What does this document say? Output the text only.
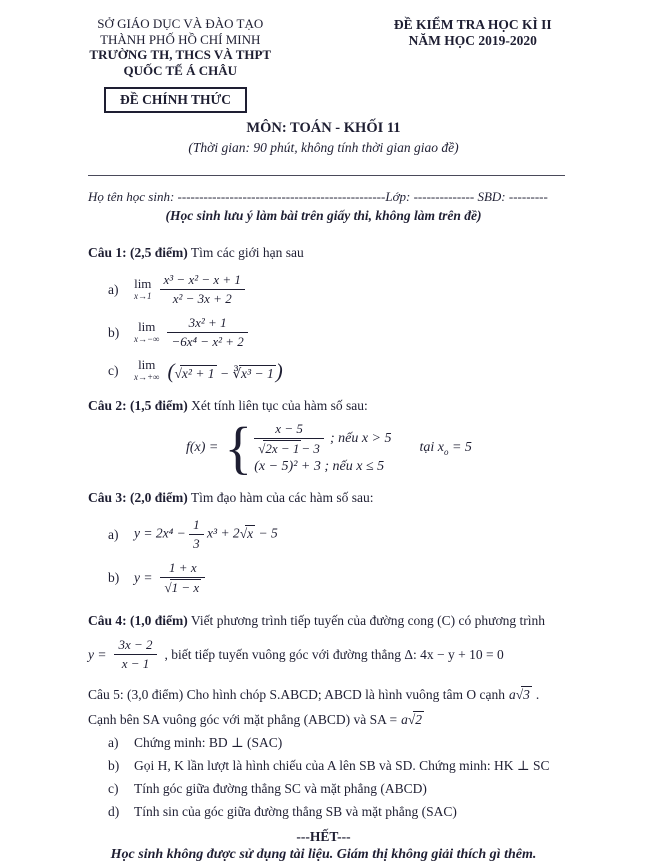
SỞ GIÁO DỤC VÀ ĐÀO TẠO
THÀNH PHỐ HỒ CHÍ MINH
TRƯỜNG TH, THCS VÀ THPT
QUỐC TẾ Á CHÂU
ĐỀ KIỂM TRA HỌC KÌ II
NĂM HỌC 2019-2020
ĐỀ CHÍNH THỨC
MÔN: TOÁN - KHỐI 11
(Thời gian: 90 phút, không tính thời gian giao đề)
Họ tên học sinh: ------------------------------------------------Lớp: -------------- SBD: ---------
(Học sinh lưu ý làm bài trên giấy thi, không làm trên đề)
Câu 1: (2,5 điểm) Tìm các giới hạn sau
a)	lim
$x\to 1 \frac{\text{x³ − x² − x + 1}}{\text{x² − 3x + 2}}$
b)	lim
$x\to-\infty \frac{\text{3x² + 1}}{\text{−6x⁴ − x² + 2}}$
c)	lim
x→+∞ (√x² + 1 − ∛x³ − 1)
Câu 2: (1,5 điểm) Xét tính liên tục của hàm số sau:
f(x) = { $\frac{x - 5}{√ 2x - 1 - 3}$ ; nếu x > 5
(x − 5)² + 3 ; nếu x ≤ 5
tại $x_o = 5$
Câu 3: (2,0 điểm) Tìm đạo hàm của các hàm số sau:
a)	$y = 2x^4 - \frac{1}{3} x^3 + 2√x - 5$
b)	$y = \frac{1 + x}{√ 1 - x}$
Câu 4: (1,0 điểm) Viết phương trình tiếp tuyến của đường cong (C) có phương trình
$y = \frac{3x - 2}{x - 1}$ , biết tiếp tuyến vuông góc với đường thẳng Δ: 4x − y + 10 = 0
Câu 5: (3,0 điểm) Cho hình chóp S.ABCD; ABCD là hình vuông tâm O cạnh a√3 .
Cạnh bên SA vuông góc với mặt phẳng (ABCD) và SA = a√2
a)	Chứng minh: BD ⊥ (SAC)
b)	Gọi H, K lần lượt là hình chiếu của A lên SB và SD. Chứng minh: HK ⊥ SC
c)	Tính góc giữa đường thẳng SC và mặt phẳng (ABCD)
d)	Tính sin của góc giữa đường thẳng SB và mặt phẳng (SAC)
---HẾT---
Học sinh không được sử dụng tài liệu. Giám thị không giải thích gì thêm.
